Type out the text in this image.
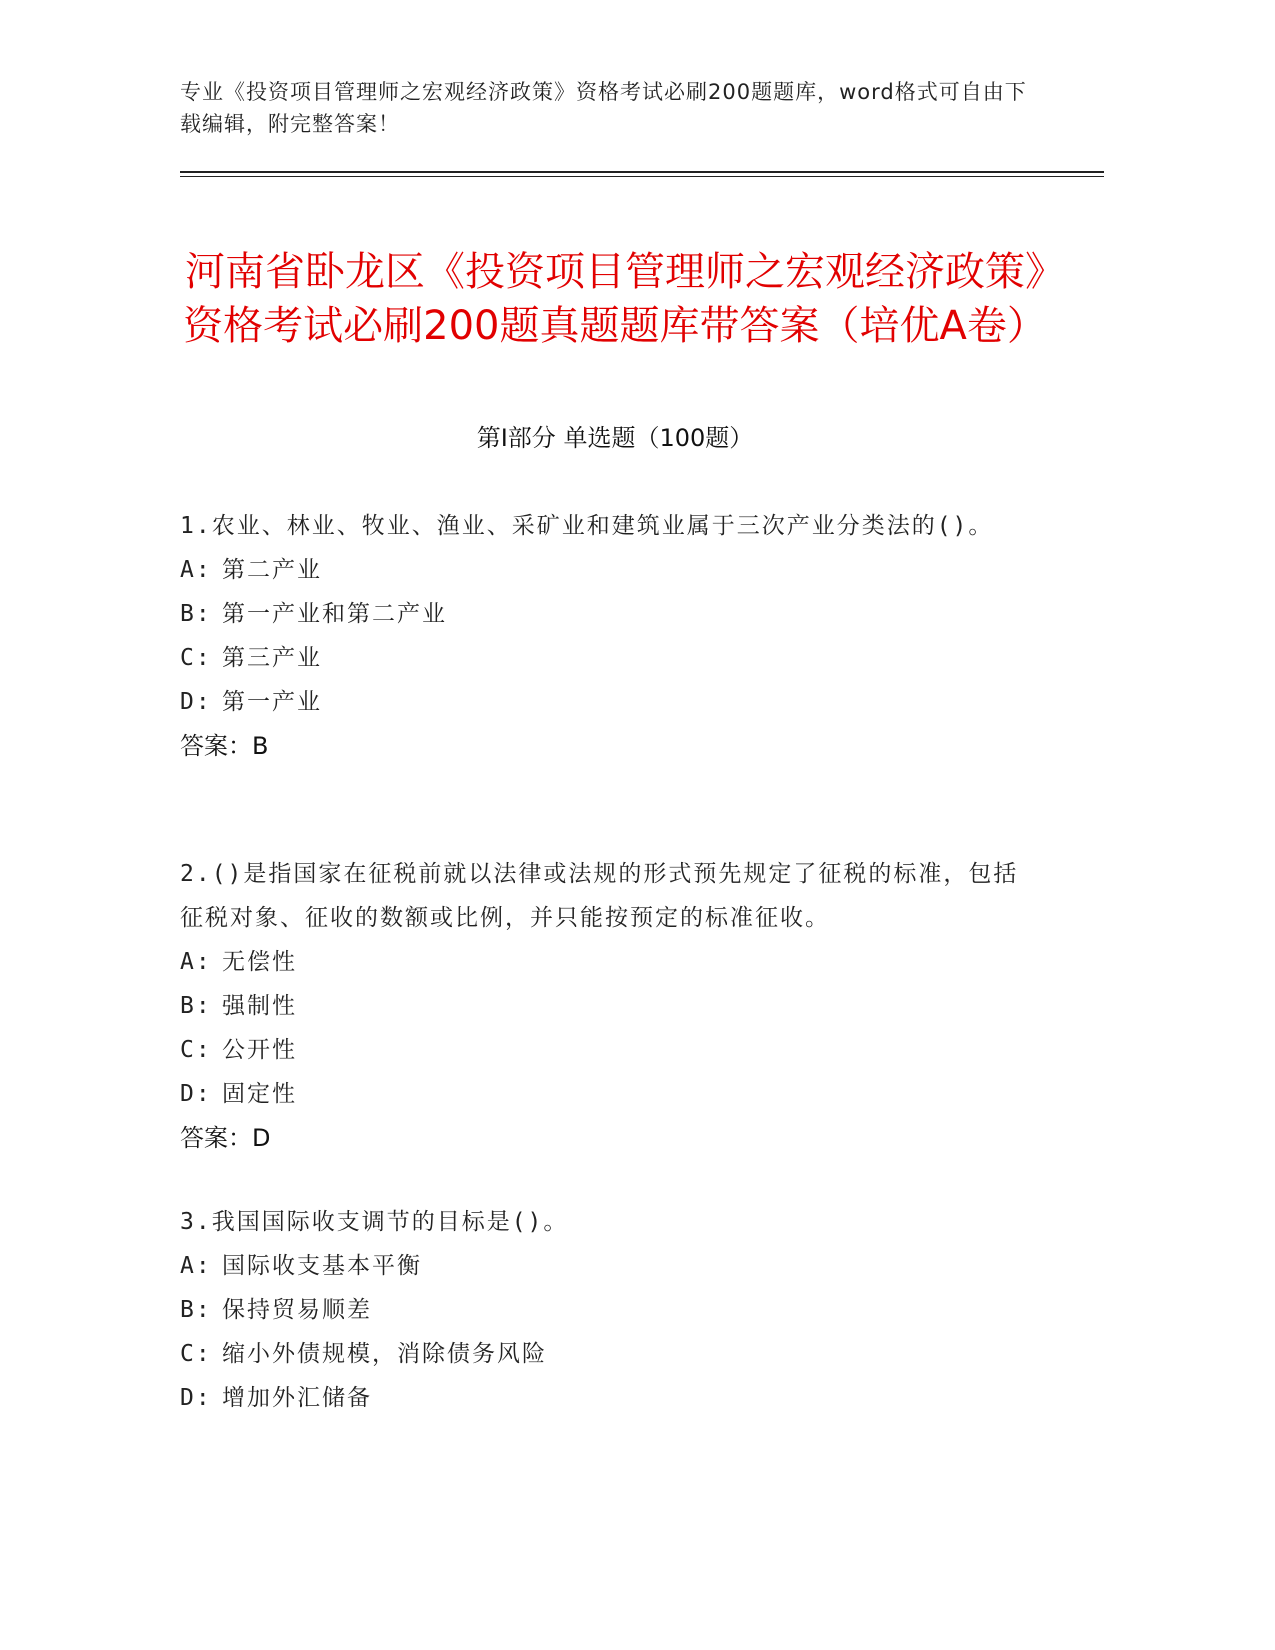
专业《投资项目管理师之宏观经济政策》资格考试必刷200题题库，word格式可自由下载编辑，附完整答案！
河南省卧龙区《投资项目管理师之宏观经济政策》资格考试必刷200题真题题库带答案（培优A卷）
第I部分 单选题（100题）
1.农业、林业、牧业、渔业、采矿业和建筑业属于三次产业分类法的()。
A: 第二产业
B: 第一产业和第二产业
C: 第三产业
D: 第一产业
答案：B
2.()是指国家在征税前就以法律或法规的形式预先规定了征税的标准，包括征税对象、征收的数额或比例，并只能按预定的标准征收。
A: 无偿性
B: 强制性
C: 公开性
D: 固定性
答案：D
3.我国国际收支调节的目标是()。
A: 国际收支基本平衡
B: 保持贸易顺差
C: 缩小外债规模，消除债务风险
D: 增加外汇储备
